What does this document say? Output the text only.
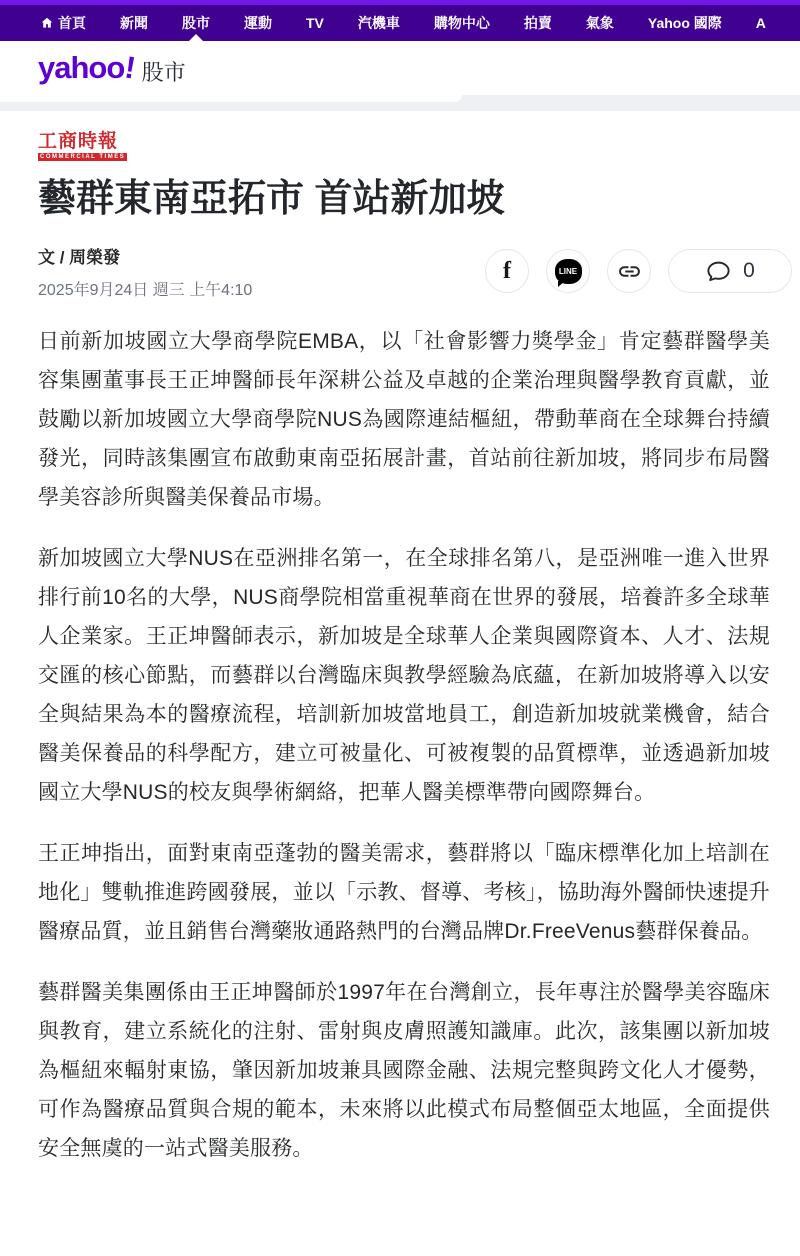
首頁 新聞 股市 運動 TV 汽機車 購物中心 拍賣 氣象 Yahoo 國際 A
yahoo! 股市
工商時報
COMMERCIAL TIMES
藝群東南亞拓市 首站新加坡
文 / 周榮發
2025年9月24日 週三 上午4:10
f	LINE	0

日前新加坡國立大學商學院EMBA，以「社會影響力獎學金」肯定藝群醫學美容集團董事長王正坤醫師長年深耕公益及卓越的企業治理與醫學教育貢獻，並鼓勵以新加坡國立大學商學院NUS為國際連結樞紐，帶動華商在全球舞台持續發光，同時該集團宣布啟動東南亞拓展計畫，首站前往新加坡，將同步布局醫學美容診所與醫美保養品市場。

新加坡國立大學NUS在亞洲排名第一，在全球排名第八，是亞洲唯一進入世界排行前10名的大學，NUS商學院相當重視華商在世界的發展，培養許多全球華人企業家。王正坤醫師表示，新加坡是全球華人企業與國際資本、人才、法規交匯的核心節點，而藝群以台灣臨床與教學經驗為底蘊，在新加坡將導入以安全與結果為本的醫療流程，培訓新加坡當地員工，創造新加坡就業機會，結合醫美保養品的科學配方，建立可被量化、可被複製的品質標準，並透過新加坡國立大學NUS的校友與學術網絡，把華人醫美標準帶向國際舞台。

王正坤指出，面對東南亞蓬勃的醫美需求，藝群將以「臨床標準化加上培訓在地化」雙軌推進跨國發展，並以「示教、督導、考核」，協助海外醫師快速提升醫療品質，並且銷售台灣藥妝通路熱門的台灣品牌Dr.FreeVenus藝群保養品。

藝群醫美集團係由王正坤醫師於1997年在台灣創立，長年專注於醫學美容臨床與教育，建立系統化的注射、雷射與皮膚照護知識庫。此次，該集團以新加坡為樞紐來輻射東協，肇因新加坡兼具國際金融、法規完整與跨文化人才優勢，可作為醫療品質與合規的範本，未來將以此模式布局整個亞太地區，全面提供安全無虞的一站式醫美服務。
